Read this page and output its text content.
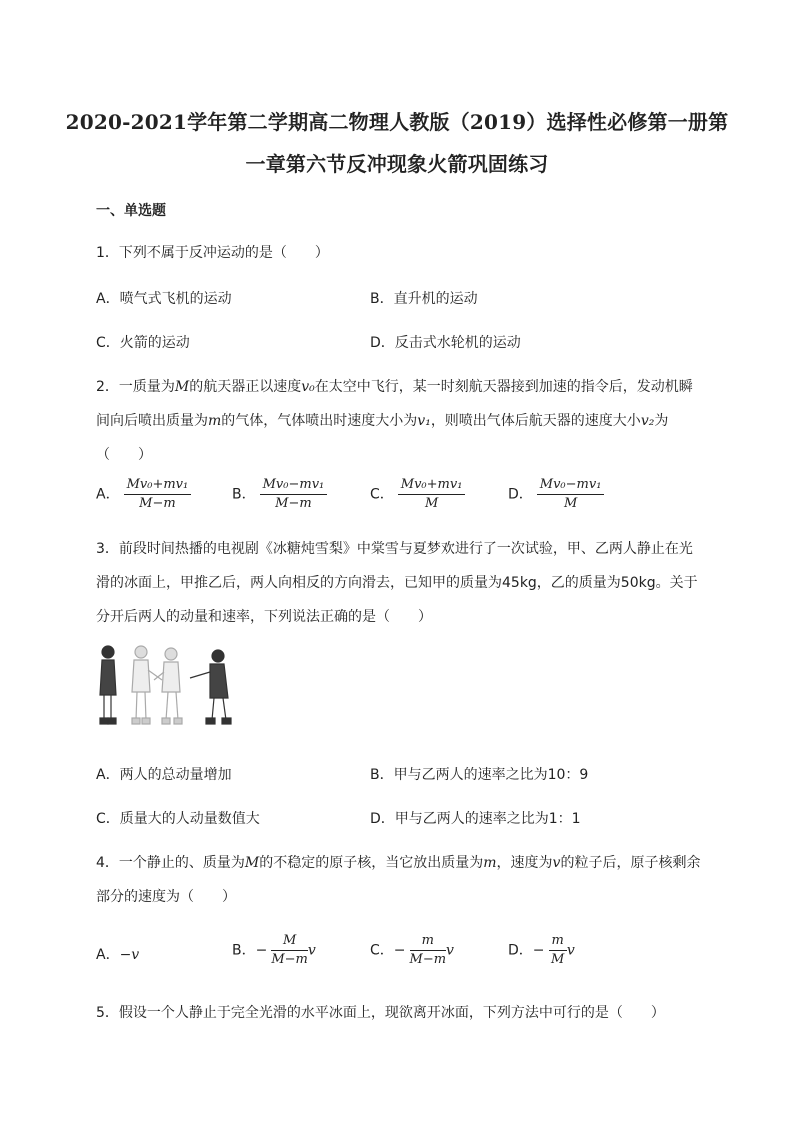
2020-2021学年第二学期高二物理人教版（2019）选择性必修第一册第
一章第六节反冲现象火箭巩固练习
一、单选题
1．下列不属于反冲运动的是（　　）
A．喷气式飞机的运动	B．直升机的运动
C．火箭的运动	D．反击式水轮机的运动
2．一质量为M的航天器正以速度v₀在太空中飞行，某一时刻航天器接到加速的指令后，发动机瞬间向后喷出质量为m的气体，气体喷出时速度大小为v₁，则喷出气体后航天器的速度大小v₂为（　　）
A． $\frac{\text{Mv₀+mv₁}}{M-m}$	B． $\frac{\text{Mv₀−mv₁}}{M-m}$	C． $\frac{\text{Mv₀+mv₁}}{M}$	D． $\frac{\text{Mv₀−mv₁}}{M}$
3．前段时间热播的电视剧《冰糖炖雪梨》中棠雪与夏梦欢进行了一次试验，甲、乙两人静止在光滑的冰面上，甲推乙后，两人向相反的方向滑去，已知甲的质量为45kg，乙的质量为50kg。关于分开后两人的动量和速率，下列说法正确的是（　　）
A．两人的总动量增加	B．甲与乙两人的速率之比为10：9
C．质量大的人动量数值大	D．甲与乙两人的速率之比为1：1
4．一个静止的、质量为M的不稳定的原子核，当它放出质量为m，速度为v的粒子后，原子核剩余部分的速度为（　　）
A．−v	B．− $\frac{M}{M-m}$ v	C．− $\frac{m}{M-m}$ v	D．− $\frac{m}{M}$ v
5．假设一个人静止于完全光滑的水平冰面上，现欲离开冰面，下列方法中可行的是（　　）
